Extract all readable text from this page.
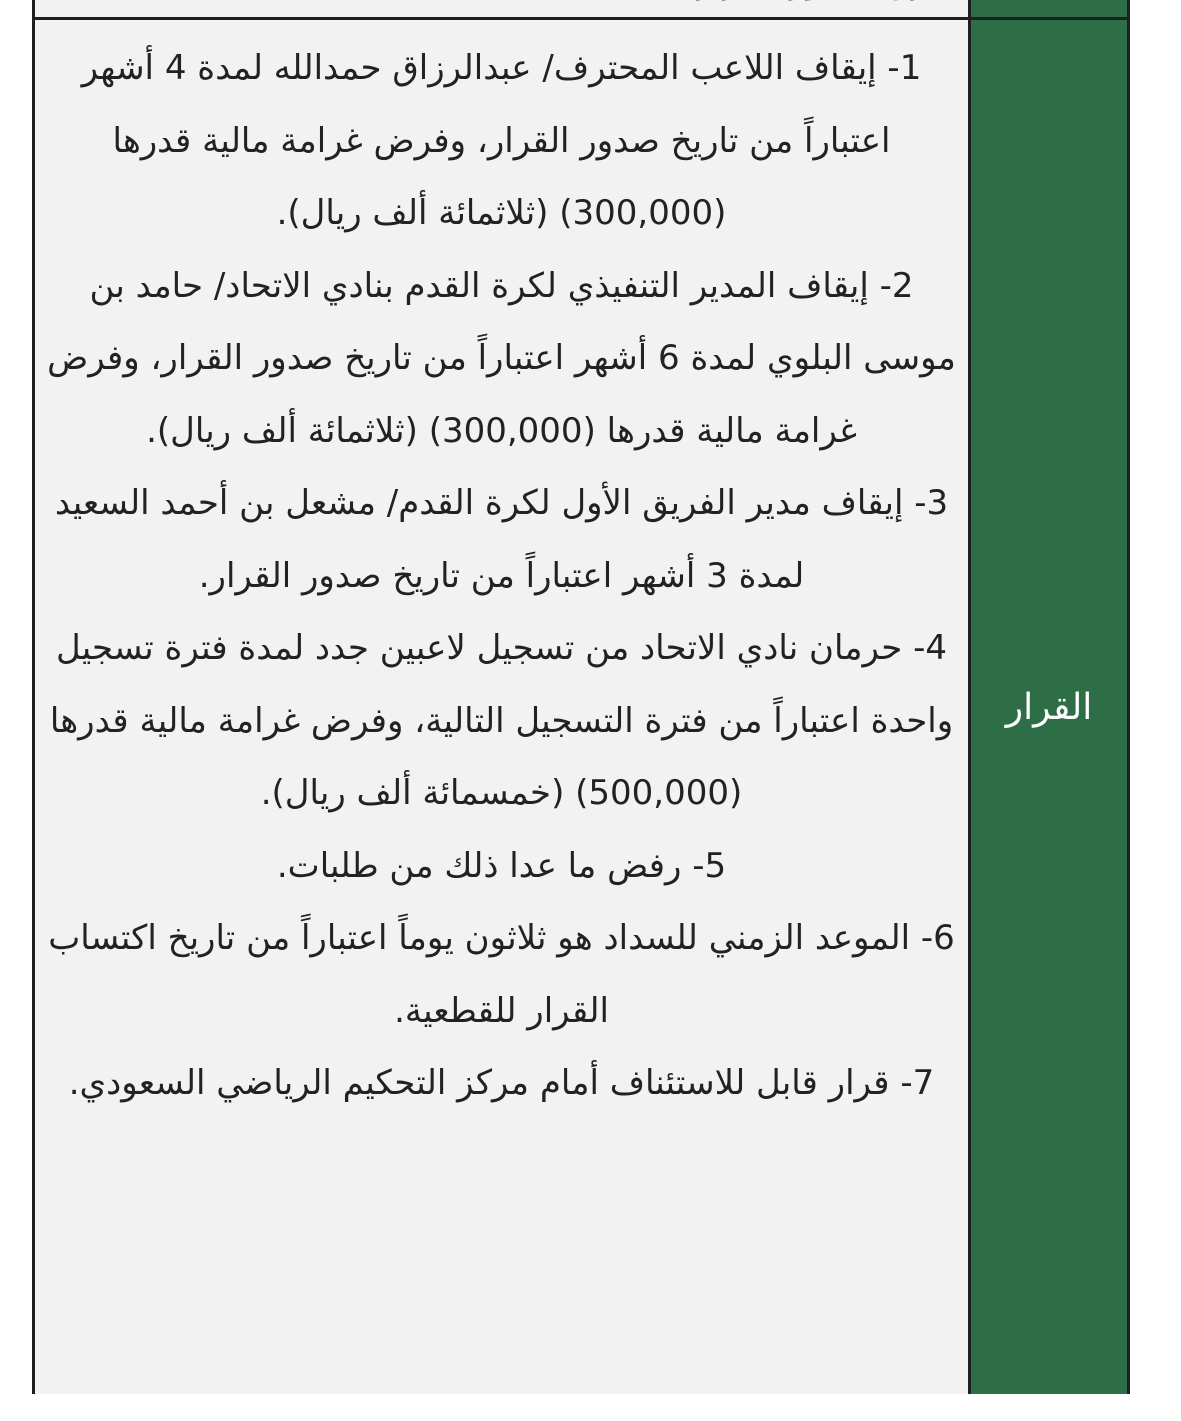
1- إيقاف اللاعب المحترف/ عبدالرزاق حمدالله لمدة 4 أشهر اعتباراً من تاريخ صدور القرار، وفرض غرامة مالية قدرها (300,000) (ثلاثمائة ألف ريال).

2- إيقاف المدير التنفيذي لكرة القدم بنادي الاتحاد/ حامد بن موسى البلوي لمدة 6 أشهر اعتباراً من تاريخ صدور القرار، وفرض غرامة مالية قدرها (300,000) (ثلاثمائة ألف ريال).

3- إيقاف مدير الفريق الأول لكرة القدم/ مشعل بن أحمد السعيد لمدة 3 أشهر اعتباراً من تاريخ صدور القرار.

4- حرمان نادي الاتحاد من تسجيل لاعبين جدد لمدة فترة تسجيل واحدة اعتباراً من فترة التسجيل التالية، وفرض غرامة مالية قدرها (500,000) (خمسمائة ألف ريال).

5- رفض ما عدا ذلك من طلبات.

6- الموعد الزمني للسداد هو ثلاثون يوماً اعتباراً من تاريخ اكتساب القرار للقطعية.

7- قرار قابل للاستئناف أمام مركز التحكيم الرياضي السعودي.

القرار
